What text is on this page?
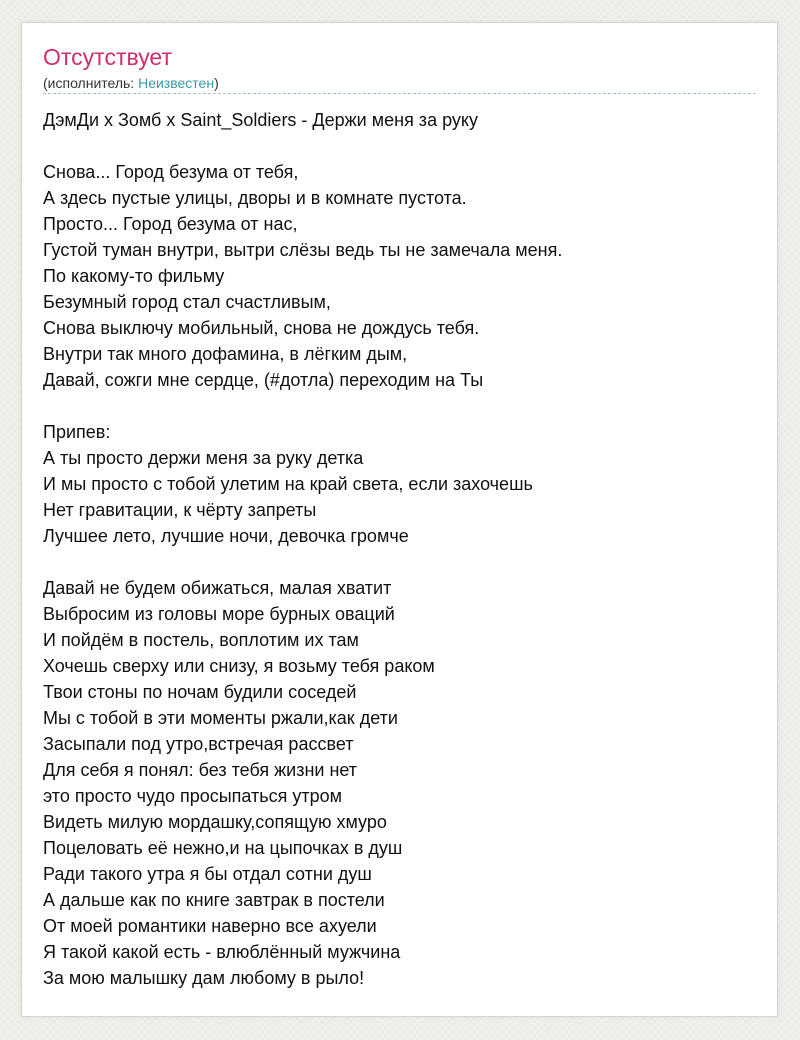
Отсутствует
(исполнитель: Неизвестен)
ДэмДи x Зомб x Saint_Soldiers - Держи меня за руку
Снова... Город безума от тебя,
А здесь пустые улицы, дворы и в комнате пустота.
Просто... Город безума от нас,
Густой туман внутри, вытри слёзы ведь ты не замечала меня.
По какому-то фильму
Безумный город стал счастливым,
Снова выключу мобильный, снова не дождусь тебя.
Внутри так много дофамина, в лёгким дым,
Давай, сожги мне сердце, (#дотла) переходим на Ты
Припев:
А ты просто держи меня за руку детка
И мы просто с тобой улетим на край света, если захочешь
Нет гравитации, к чёрту запреты
Лучшее лето, лучшие ночи, девочка громче
Давай не будем обижаться, малая хватит
Выбросим из головы море бурных оваций
И пойдём в постель, воплотим их там
Хочешь сверху или снизу, я возьму тебя раком
Твои стоны по ночам будили соседей
Мы с тобой в эти моменты ржали,как дети
Засыпали под утро,встречая рассвет
Для себя я понял: без тебя жизни нет
это просто чудо просыпаться утром
Видеть милую мордашку,сопящую хмуро
Поцеловать её нежно,и на цыпочках в душ
Ради такого утра я бы отдал сотни душ
А дальше как по книге завтрак в постели
От моей романтики наверно все ахуели
Я такой какой есть - влюблённый мужчина
За мою малышку дам любому в рыло!
